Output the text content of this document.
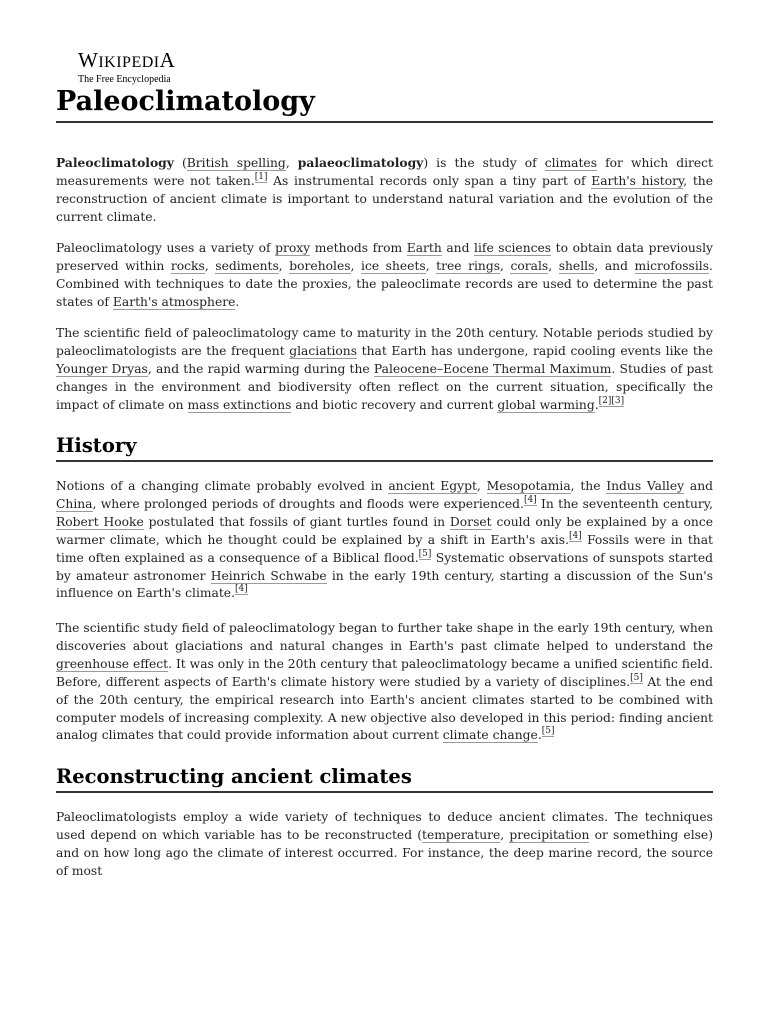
WIKIPEDIA
The Free Encyclopedia
Paleoclimatology

Paleoclimatology (British spelling, palaeoclimatology) is the study of climates for which direct measurements were not taken.[1] As instrumental records only span a tiny part of Earth's history, the reconstruction of ancient climate is important to understand natural variation and the evolution of the current climate.

Paleoclimatology uses a variety of proxy methods from Earth and life sciences to obtain data previously preserved within rocks, sediments, boreholes, ice sheets, tree rings, corals, shells, and microfossils. Combined with techniques to date the proxies, the paleoclimate records are used to determine the past states of Earth's atmosphere.

The scientific field of paleoclimatology came to maturity in the 20th century. Notable periods studied by paleoclimatologists are the frequent glaciations that Earth has undergone, rapid cooling events like the Younger Dryas, and the rapid warming during the Paleocene–Eocene Thermal Maximum. Studies of past changes in the environment and biodiversity often reflect on the current situation, specifically the impact of climate on mass extinctions and biotic recovery and current global warming.[2][3]

History

Notions of a changing climate probably evolved in ancient Egypt, Mesopotamia, the Indus Valley and China, where prolonged periods of droughts and floods were experienced.[4] In the seventeenth century, Robert Hooke postulated that fossils of giant turtles found in Dorset could only be explained by a once warmer climate, which he thought could be explained by a shift in Earth's axis.[4] Fossils were in that time often explained as a consequence of a Biblical flood.[5] Systematic observations of sunspots started by amateur astronomer Heinrich Schwabe in the early 19th century, starting a discussion of the Sun's influence on Earth's climate.[4]

The scientific study field of paleoclimatology began to further take shape in the early 19th century, when discoveries about glaciations and natural changes in Earth's past climate helped to understand the greenhouse effect. It was only in the 20th century that paleoclimatology became a unified scientific field. Before, different aspects of Earth's climate history were studied by a variety of disciplines.[5] At the end of the 20th century, the empirical research into Earth's ancient climates started to be combined with computer models of increasing complexity. A new objective also developed in this period: finding ancient analog climates that could provide information about current climate change.[5]

Reconstructing ancient climates

Paleoclimatologists employ a wide variety of techniques to deduce ancient climates. The techniques used depend on which variable has to be reconstructed (temperature, precipitation or something else) and on how long ago the climate of interest occurred. For instance, the deep marine record, the source of most
